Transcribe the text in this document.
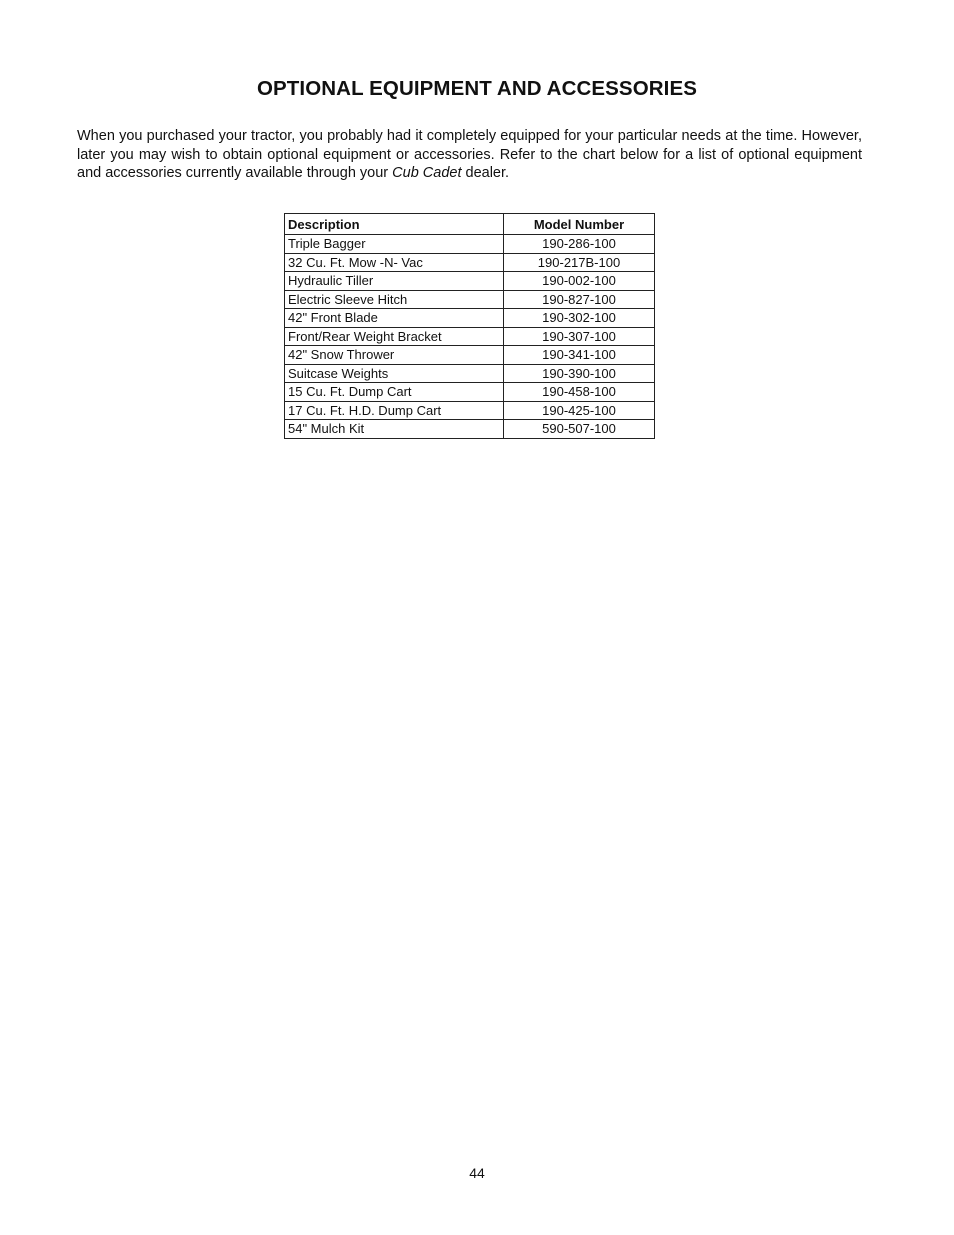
OPTIONAL EQUIPMENT AND ACCESSORIES

When you purchased your tractor, you probably had it completely equipped for your particular needs at the time. However, later you may wish to obtain optional equipment or accessories. Refer to the chart below for a list of optional equipment and accessories currently available through your Cub Cadet dealer.

Description	Model Number
Triple Bagger	190-286-100
32 Cu. Ft. Mow -N- Vac	190-217B-100
Hydraulic Tiller	190-002-100
Electric Sleeve Hitch	190-827-100
42" Front Blade	190-302-100
Front/Rear Weight Bracket	190-307-100
42" Snow Thrower	190-341-100
Suitcase Weights	190-390-100
15 Cu. Ft. Dump Cart	190-458-100
17 Cu. Ft. H.D. Dump Cart	190-425-100
54" Mulch Kit	590-507-100
44
